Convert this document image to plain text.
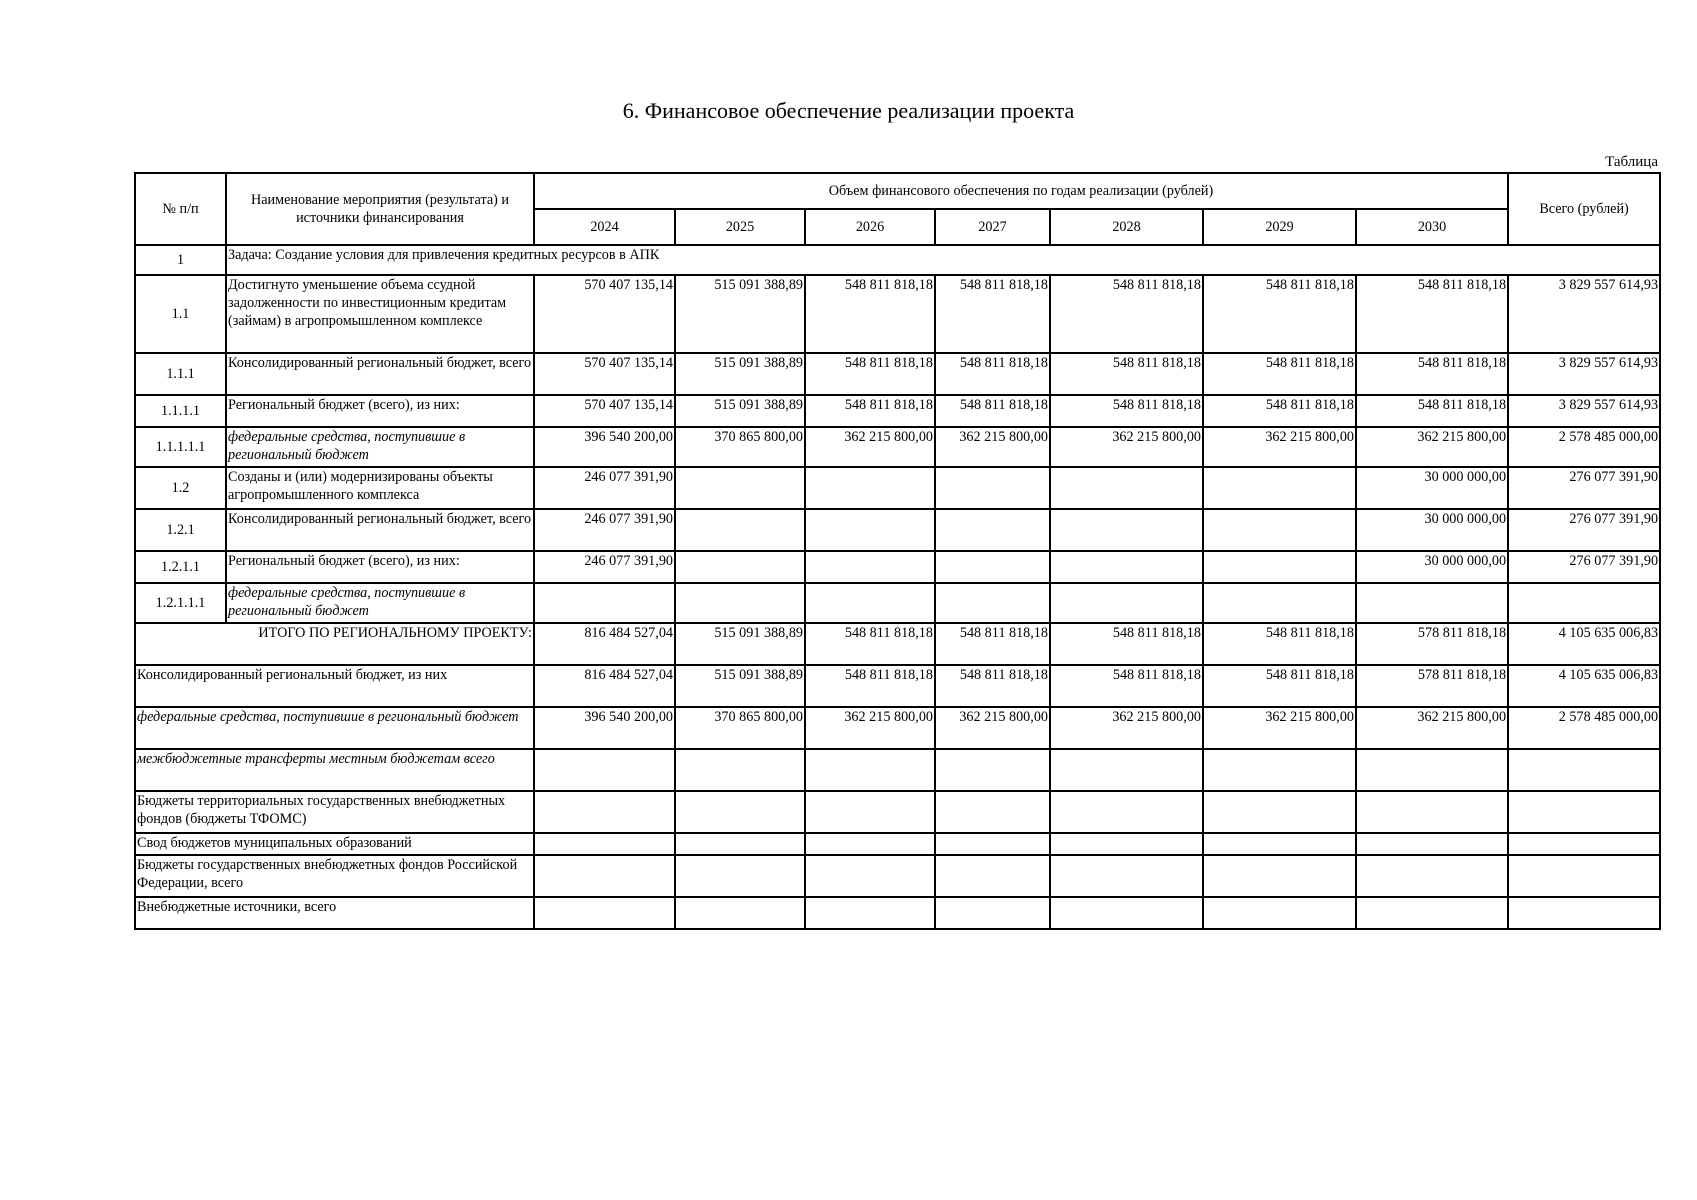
6. Финансовое обеспечение реализации проекта
Таблица
№ п/п	Наименование мероприятия (результата) и источники финансирования	Объем финансового обеспечения по годам реализации (рублей)							Всего (рублей)
		2024	2025	2026	2027	2028	2029	2030	
1	Задача: Создание условия для привлечения кредитных ресурсов в АПК								
1.1	Достигнуто уменьшение объема ссудной задолженности по инвестиционным кредитам (займам) в агропромышленном комплексе	570 407 135,14	515 091 388,89	548 811 818,18	548 811 818,18	548 811 818,18	548 811 818,18	548 811 818,18	3 829 557 614,93
1.1.1	Консолидированный региональный бюджет, всего	570 407 135,14	515 091 388,89	548 811 818,18	548 811 818,18	548 811 818,18	548 811 818,18	548 811 818,18	3 829 557 614,93
1.1.1.1	Региональный бюджет (всего), из них:	570 407 135,14	515 091 388,89	548 811 818,18	548 811 818,18	548 811 818,18	548 811 818,18	548 811 818,18	3 829 557 614,93
1.1.1.1.1	федеральные средства, поступившие в региональный бюджет	396 540 200,00	370 865 800,00	362 215 800,00	362 215 800,00	362 215 800,00	362 215 800,00	362 215 800,00	2 578 485 000,00
1.2	Созданы и (или) модернизированы объекты агропромышленного комплекса	246 077 391,90						30 000 000,00	276 077 391,90
1.2.1	Консолидированный региональный бюджет, всего	246 077 391,90						30 000 000,00	276 077 391,90
1.2.1.1	Региональный бюджет (всего), из них:	246 077 391,90						30 000 000,00	276 077 391,90
1.2.1.1.1	федеральные средства, поступившие в региональный бюджет								
ИТОГО ПО РЕГИОНАЛЬНОМУ ПРОЕКТУ:		816 484 527,04	515 091 388,89	548 811 818,18	548 811 818,18	548 811 818,18	548 811 818,18	578 811 818,18	4 105 635 006,83
Консолидированный региональный бюджет, из них		816 484 527,04	515 091 388,89	548 811 818,18	548 811 818,18	548 811 818,18	548 811 818,18	578 811 818,18	4 105 635 006,83
федеральные средства, поступившие в региональный бюджет		396 540 200,00	370 865 800,00	362 215 800,00	362 215 800,00	362 215 800,00	362 215 800,00	362 215 800,00	2 578 485 000,00
межбюджетные трансферты местным бюджетам всего									
Бюджеты территориальных государственных внебюджетных фондов (бюджеты ТФОМС)									
Свод бюджетов муниципальных образований									
Бюджеты государственных внебюджетных фондов Российской Федерации, всего									
Внебюджетные источники, всего									
